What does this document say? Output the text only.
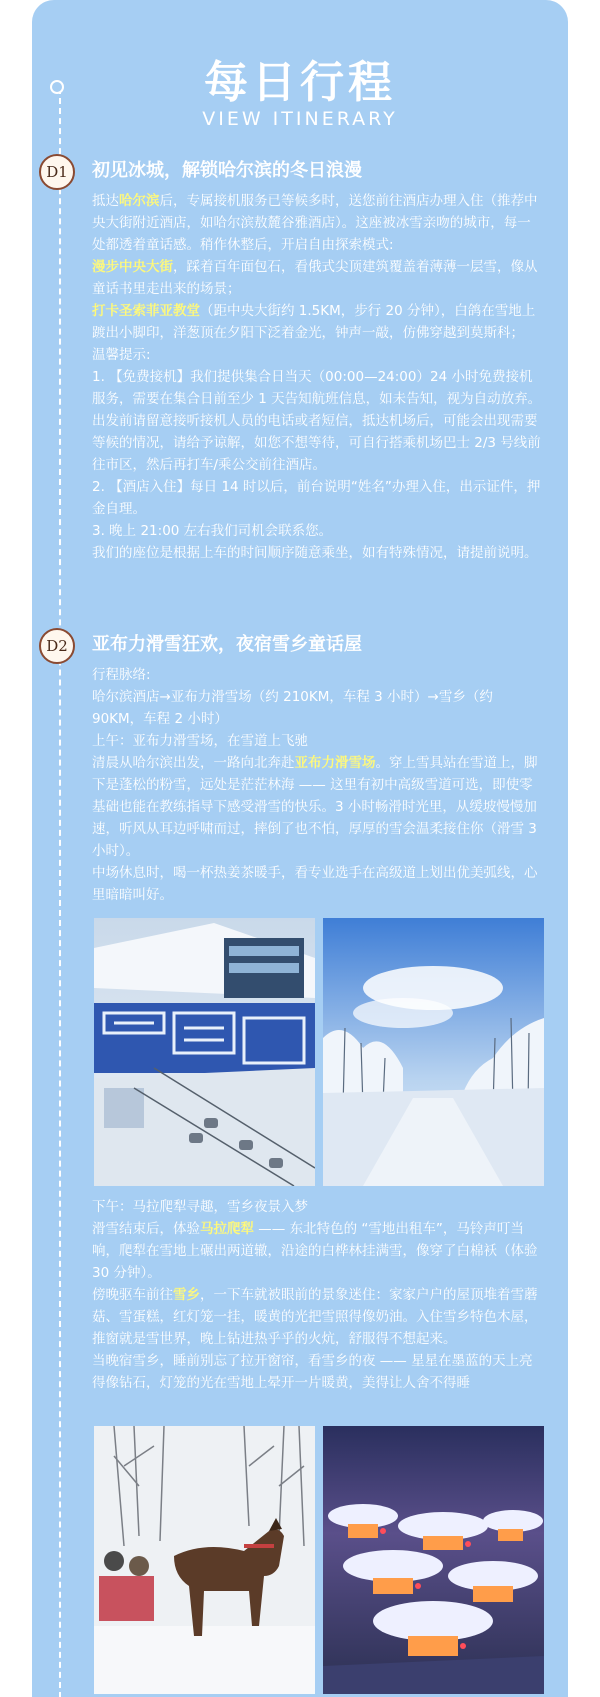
每日行程
VIEW ITINERARY
D1	初见冰城，解锁哈尔滨的冬日浪漫

抵达哈尔滨后，专属接机服务已等候多时，送您前往酒店办理入住（推荐中央大街附近酒店，如哈尔滨敖麓谷雅酒店）。这座被冰雪亲吻的城市，每一处都透着童话感。稍作休整后，开启自由探索模式:

漫步中央大街，踩着百年面包石，看俄式尖顶建筑覆盖着薄薄一层雪，像从童话书里走出来的场景；

打卡圣索菲亚教堂（距中央大街约 1.5KM，步行 20 分钟），白鸽在雪地上踱出小脚印，洋葱顶在夕阳下泛着金光，钟声一敲，仿佛穿越到莫斯科；

温馨提示:

1. 【免费接机】我们提供集合日当天（00:00—24:00）24 小时免费接机服务，需要在集合日前至少 1 天告知航班信息，如未告知，视为自动放弃。出发前请留意接听接机人员的电话或者短信，抵达机场后，可能会出现需要等候的情况，请给予谅解，如您不想等待，可自行搭乘机场巴士 2/3 号线前往市区，然后再打车/乘公交前往酒店。

2. 【酒店入住】每日 14 时以后，前台说明“姓名”办理入住，出示证件，押金自理。

3. 晚上 21:00 左右我们司机会联系您。

我们的座位是根据上车的时间顺序随意乘坐，如有特殊情况，请提前说明。

D2	亚布力滑雪狂欢，夜宿雪乡童话屋

行程脉络:

哈尔滨酒店→亚布力滑雪场（约 210KM，车程 3 小时）→雪乡（约 90KM，车程 2 小时）

上午：亚布力滑雪场，在雪道上飞驰

清晨从哈尔滨出发，一路向北奔赴亚布力滑雪场。穿上雪具站在雪道上，脚下是蓬松的粉雪，远处是茫茫林海 —— 这里有初中高级雪道可选，即使零基础也能在教练指导下感受滑雪的快乐。3 小时畅滑时光里，从缓坡慢慢加速，听风从耳边呼啸而过，摔倒了也不怕，厚厚的雪会温柔接住你（滑雪 3 小时）。

中场休息时，喝一杯热姜茶暖手，看专业选手在高级道上划出优美弧线，心里暗暗叫好。

下午：马拉爬犁寻趣，雪乡夜景入梦

滑雪结束后，体验马拉爬犁 —— 东北特色的 “雪地出租车”，马铃声叮当响，爬犁在雪地上碾出两道辙，沿途的白桦林挂满雪，像穿了白棉袄（体验 30 分钟）。

傍晚驱车前往雪乡，一下车就被眼前的景象迷住：家家户户的屋顶堆着雪蘑菇、雪蛋糕，红灯笼一挂，暖黄的光把雪照得像奶油。入住雪乡特色木屋，推窗就是雪世界，晚上钻进热乎乎的火炕，舒服得不想起来。

当晚宿雪乡，睡前别忘了拉开窗帘，看雪乡的夜 —— 星星在墨蓝的天上亮得像钻石，灯笼的光在雪地上晕开一片暖黄，美得让人舍不得睡
